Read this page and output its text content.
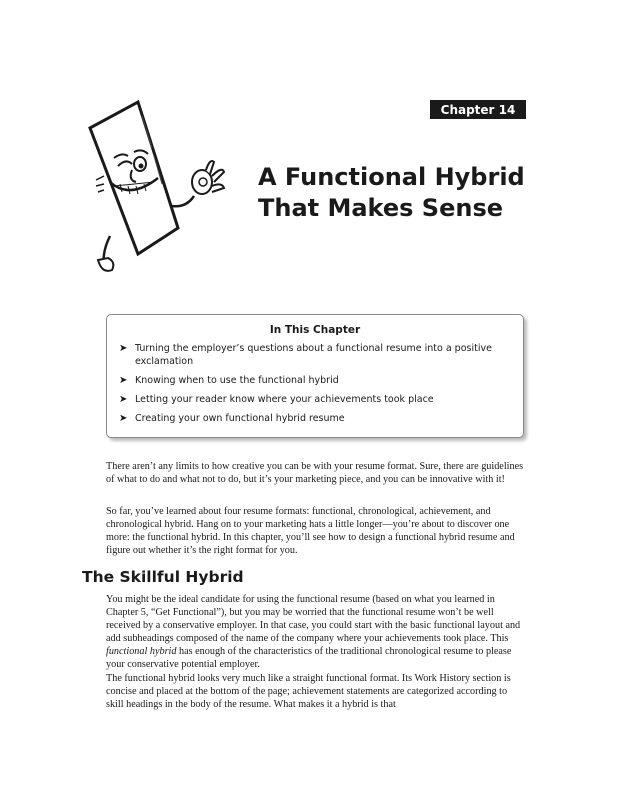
Chapter 14
A Functional Hybrid
That Makes Sense
In This Chapter
➤ Turning the employer’s questions about a functional resume into a positive exclamation
➤ Knowing when to use the functional hybrid
➤ Letting your reader know where your achievements took place
➤ Creating your own functional hybrid resume

There aren’t any limits to how creative you can be with your resume format. Sure, there are guidelines of what to do and what not to do, but it’s your marketing piece, and you can be innovative with it!

So far, you’ve learned about four resume formats: functional, chronological, achievement, and chronological hybrid. Hang on to your marketing hats a little longer—you’re about to discover one more: the functional hybrid. In this chapter, you’ll see how to design a functional hybrid resume and figure out whether it’s the right format for you.

The Skillful Hybrid

You might be the ideal candidate for using the functional resume (based on what you learned in Chapter 5, “Get Functional”), but you may be worried that the functional resume won’t be well received by a conservative employer. In that case, you could start with the basic functional layout and add subheadings composed of the name of the company where your achievements took place. This functional hybrid has enough of the characteristics of the traditional chronological resume to please your conservative potential employer.

The functional hybrid looks very much like a straight functional format. Its Work History section is concise and placed at the bottom of the page; achievement statements are categorized according to skill headings in the body of the resume. What makes it a hybrid is that
